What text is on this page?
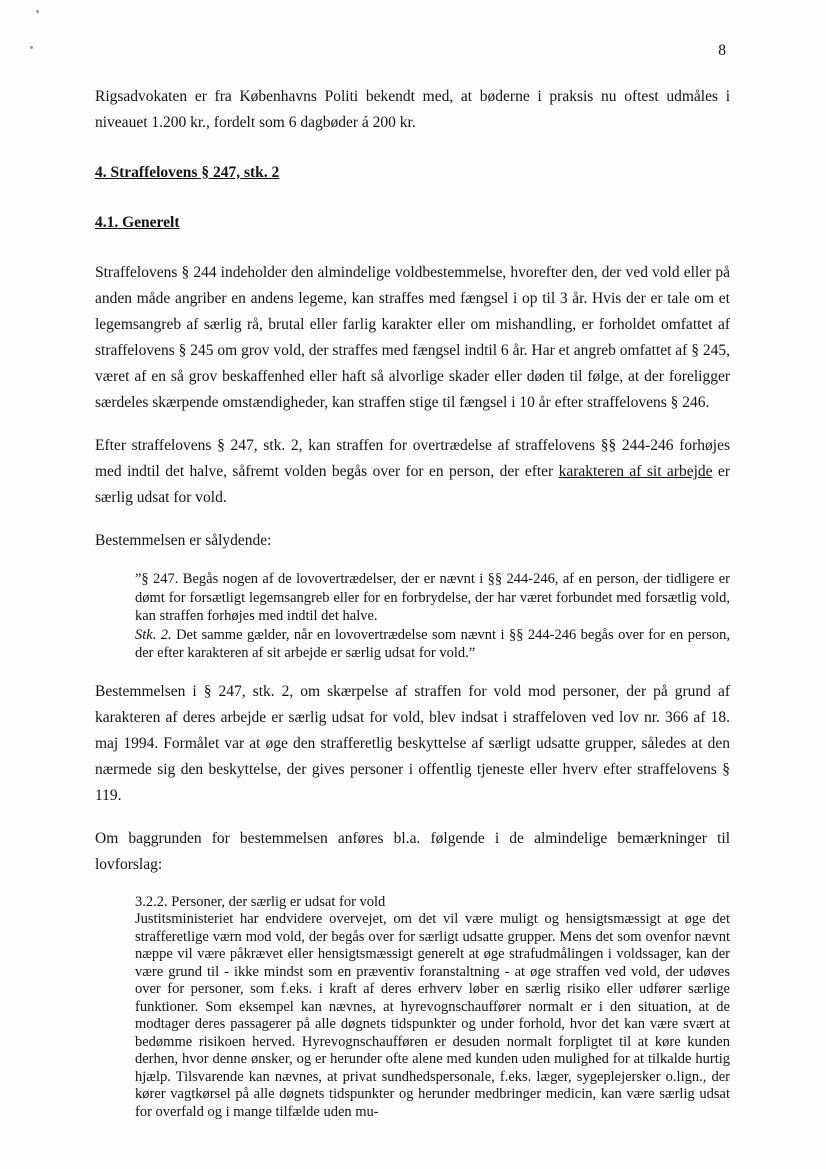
8

Rigsadvokaten er fra Københavns Politi bekendt med, at bøderne i praksis nu oftest udmåles i niveauet 1.200 kr., fordelt som 6 dagbøder á 200 kr.

4. Straffelovens § 247, stk. 2
4.1. Generelt

Straffelovens § 244 indeholder den almindelige voldbestemmelse, hvorefter den, der ved vold eller på anden måde angriber en andens legeme, kan straffes med fængsel i op til 3 år. Hvis der er tale om et legemsangreb af særlig rå, brutal eller farlig karakter eller om mishandling, er forholdet omfattet af straffelovens § 245 om grov vold, der straffes med fængsel indtil 6 år. Har et angreb omfattet af § 245, været af en så grov beskaffenhed eller haft så alvorlige skader eller døden til følge, at der foreligger særdeles skærpende omstændigheder, kan straffen stige til fængsel i 10 år efter straffelovens § 246.

Efter straffelovens § 247, stk. 2, kan straffen for overtrædelse af straffelovens §§ 244-246 forhøjes med indtil det halve, såfremt volden begås over for en person, der efter karakteren af sit arbejde er særlig udsat for vold.

Bestemmelsen er sålydende:

”§ 247. Begås nogen af de lovovertrædelser, der er nævnt i §§ 244-246, af en person, der tidligere er dømt for forsætligt legemsangreb eller for en forbrydelse, der har været forbundet med forsætlig vold, kan straffen forhøjes med indtil det halve.

Stk. 2. Det samme gælder, når en lovovertrædelse som nævnt i §§ 244-246 begås over for en person, der efter karakteren af sit arbejde er særlig udsat for vold.”

Bestemmelsen i § 247, stk. 2, om skærpelse af straffen for vold mod personer, der på grund af karakteren af deres arbejde er særlig udsat for vold, blev indsat i straffeloven ved lov nr. 366 af 18. maj 1994. Formålet var at øge den strafferetlig beskyttelse af særligt udsatte grupper, således at den nærmede sig den beskyttelse, der gives personer i offentlig tjeneste eller hverv efter straffelovens § 119.

Om baggrunden for bestemmelsen anføres bl.a. følgende i de almindelige bemærkninger til lovforslag:

3.2.2. Personer, der særlig er udsat for vold

Justitsministeriet har endvidere overvejet, om det vil være muligt og hensigtsmæssigt at øge det strafferetlige værn mod vold, der begås over for særligt udsatte grupper. Mens det som ovenfor nævnt næppe vil være påkrævet eller hensigtsmæssigt generelt at øge strafudmålingen i voldssager, kan der være grund til - ikke mindst som en præventiv foranstaltning - at øge straffen ved vold, der udøves over for personer, som f.eks. i kraft af deres erhverv løber en særlig risiko eller udfører særlige funktioner. Som eksempel kan nævnes, at hyrevognschauffører normalt er i den situation, at de modtager deres passagerer på alle døgnets tidspunkter og under forhold, hvor det kan være svært at bedømme risikoen herved. Hyrevognschaufføren er desuden normalt forpligtet til at køre kunden derhen, hvor denne ønsker, og er herunder ofte alene med kunden uden mulighed for at tilkalde hurtig hjælp. Tilsvarende kan nævnes, at privat sundhedspersonale, f.eks. læger, sygeplejersker o.lign., der kører vagtkørsel på alle døgnets tidspunkter og herunder medbringer medicin, kan være særlig udsat for overfald og i mange tilfælde uden mu-
